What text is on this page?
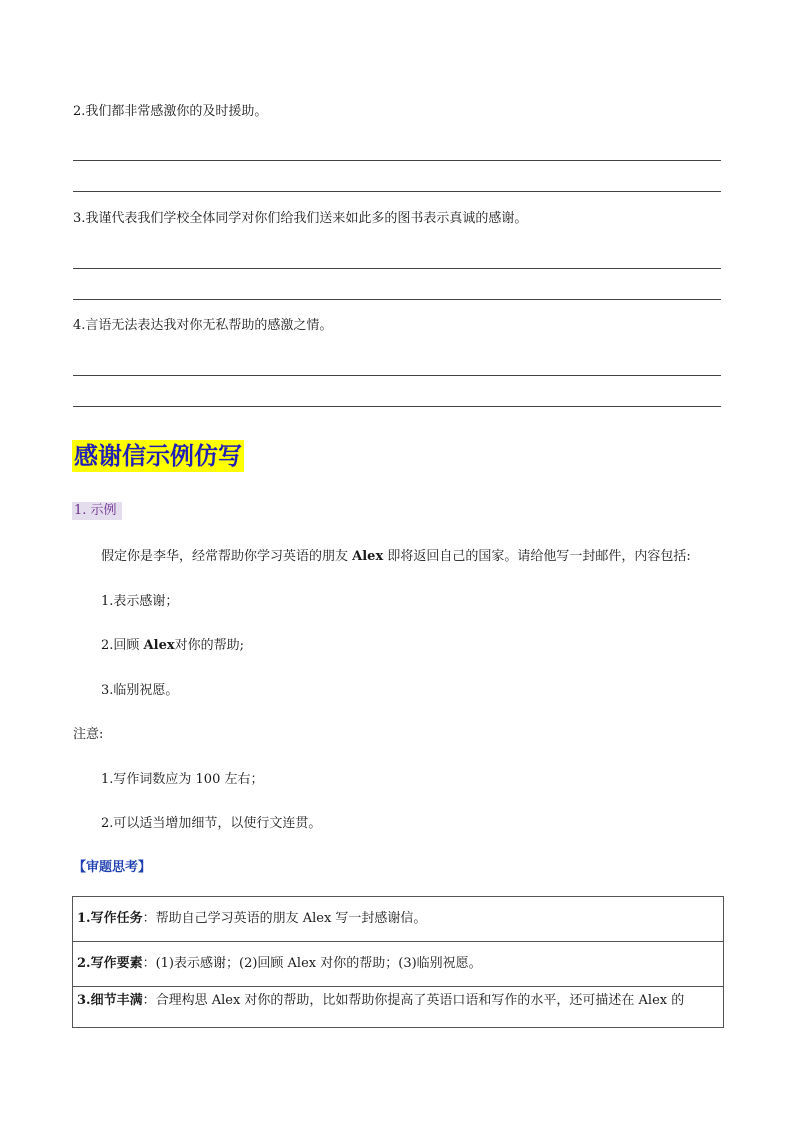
2.我们都非常感激你的及时援助。
3.我谨代表我们学校全体同学对你们给我们送来如此多的图书表示真诚的感谢。
4.言语无法表达我对你无私帮助的感激之情。
感谢信示例仿写
1. 示例
假定你是李华，经常帮助你学习英语的朋友 Alex 即将返回自己的国家。请给他写一封邮件，内容包括:
1.表示感谢；
2.回顾 Alex对你的帮助;
3.临别祝愿。
注意:
1.写作词数应为 100 左右；
2.可以适当增加细节，以使行文连贯。
【审题思考】
1.写作任务：帮助自己学习英语的朋友 Alex 写一封感谢信。
2.写作要素：(1)表示感谢；(2)回顾 Alex 对你的帮助；(3)临别祝愿。
3.细节丰满：合理构思 Alex 对你的帮助，比如帮助你提高了英语口语和写作的水平，还可描述在 Alex 的
